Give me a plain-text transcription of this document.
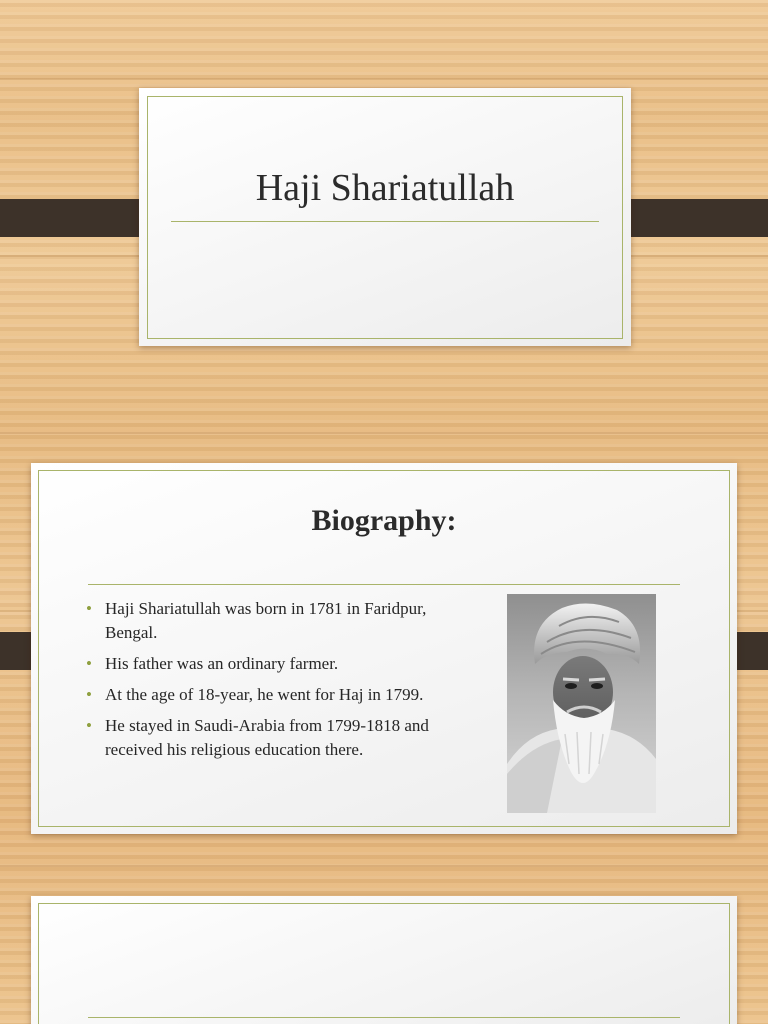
Haji Shariatullah
Biography:
• Haji Shariatullah was born in 1781 in Faridpur, Bengal.
• His father was an ordinary farmer.
• At the age of 18-year, he went for Haj in 1799.
• He stayed in Saudi-Arabia from 1799-1818 and received his religious education there.
